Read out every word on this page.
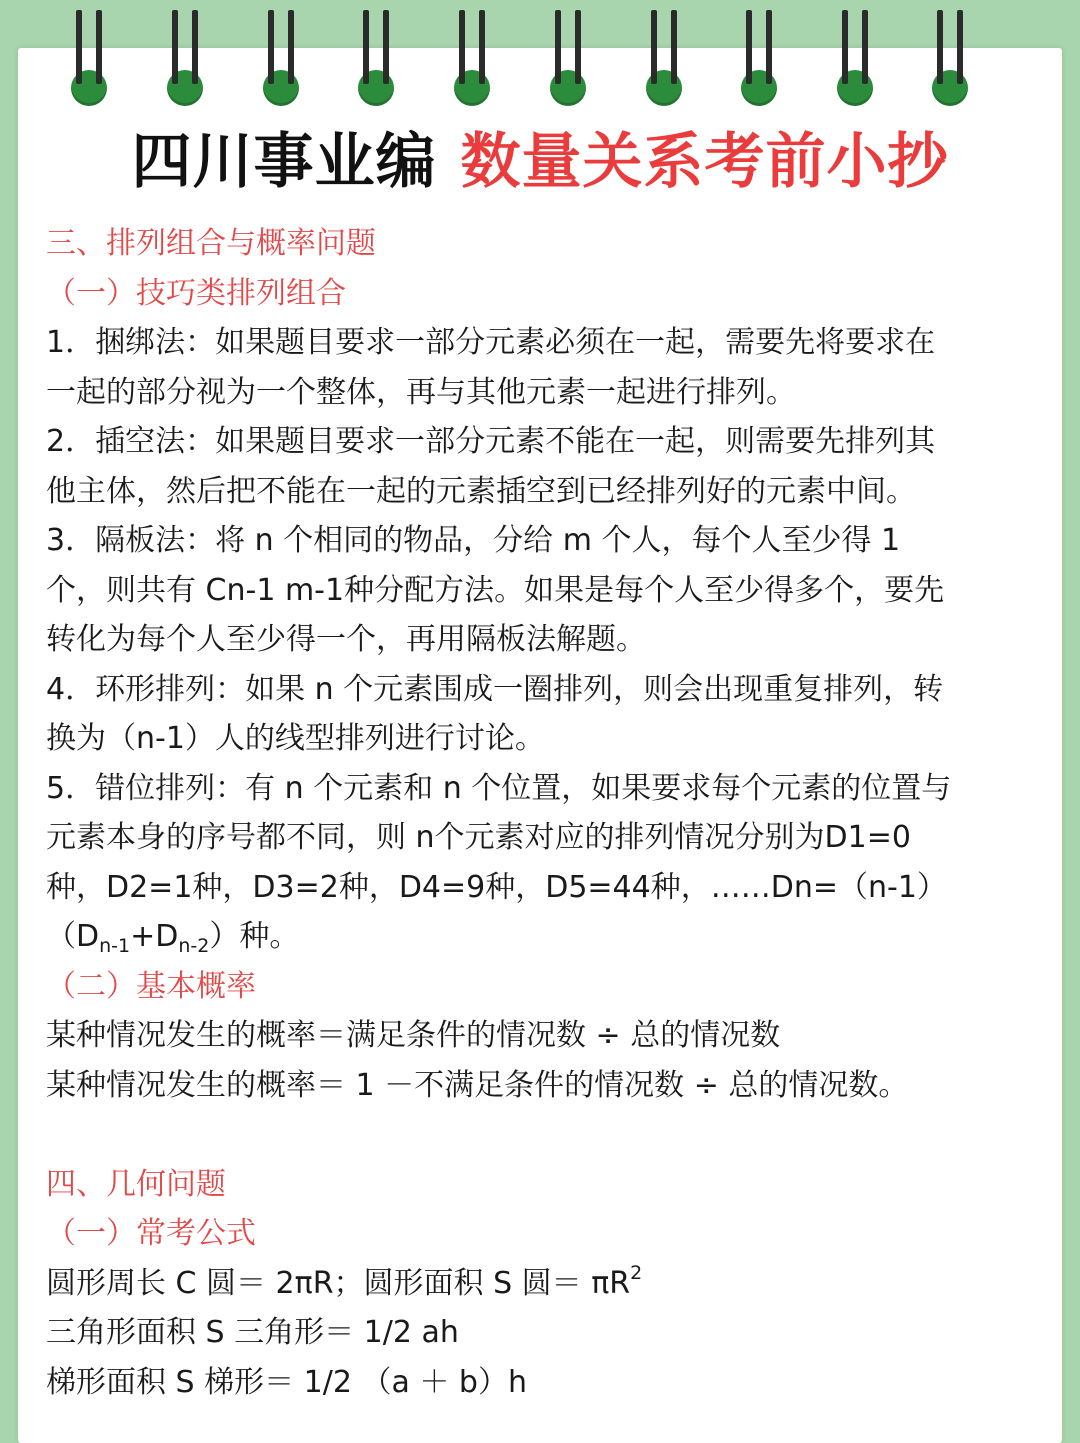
四川事业编 数量关系考前小抄
三、排列组合与概率问题
（一）技巧类排列组合
1．捆绑法：如果题目要求一部分元素必须在一起，需要先将要求在
一起的部分视为一个整体，再与其他元素一起进行排列。
2．插空法：如果题目要求一部分元素不能在一起，则需要先排列其
他主体，然后把不能在一起的元素插空到已经排列好的元素中间。
3．隔板法：将 n 个相同的物品，分给 m 个人，每个人至少得 1
个，则共有 Cn-1 m-1种分配方法。如果是每个人至少得多个，要先
转化为每个人至少得一个，再用隔板法解题。
4．环形排列：如果 n 个元素围成一圈排列，则会出现重复排列，转
换为（n-1）人的线型排列进行讨论。
5．错位排列：有 n 个元素和 n 个位置，如果要求每个元素的位置与
元素本身的序号都不同，则 n个元素对应的排列情况分别为D1=0
种，D2=1种，D3=2种，D4=9种，D5=44种，……Dn=（n-1）
$(D_{n-1}+D_{n-2})$种。
（二）基本概率
某种情况发生的概率＝满足条件的情况数 ÷ 总的情况数
某种情况发生的概率＝ 1 －不满足条件的情况数 ÷ 总的情况数。
四、几何问题
（一）常考公式
圆形周长 C 圆＝ 2πR；圆形面积 S 圆＝ $\pi R^2$
三角形面积 S 三角形＝ 1/2 ah
梯形面积 S 梯形＝ 1/2 （a ＋ b）h
